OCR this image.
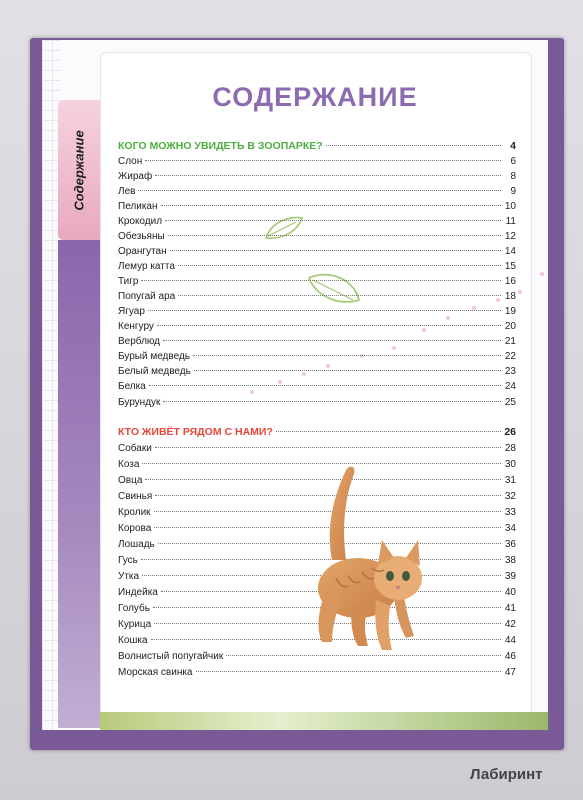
Содержание
СОДЕРЖАНИЕ
КОГО МОЖНО УВИДЕТЬ В ЗООПАРКЕ?	4
Слон	6
Жираф	8
Лев	9
Пеликан	10
Крокодил	11
Обезьяны	12
Орангутан	14
Лемур катта	15
Тигр	16
Попугай ара	18
Ягуар	19
Кенгуру	20
Верблюд	21
Бурый медведь	22
Белый медведь	23
Белка	24
Бурундук	25
КТО ЖИВЁТ РЯДОМ С НАМИ?	26
Собаки	28
Коза	30
Овца	31
Свинья	32
Кролик	33
Корова	34
Лошадь	36
Гусь	38
Утка	39
Индейка	40
Голубь	41
Курица	42
Кошка	44
Волнистый попугайчик	46
Морская свинка	47
Лабиринт
